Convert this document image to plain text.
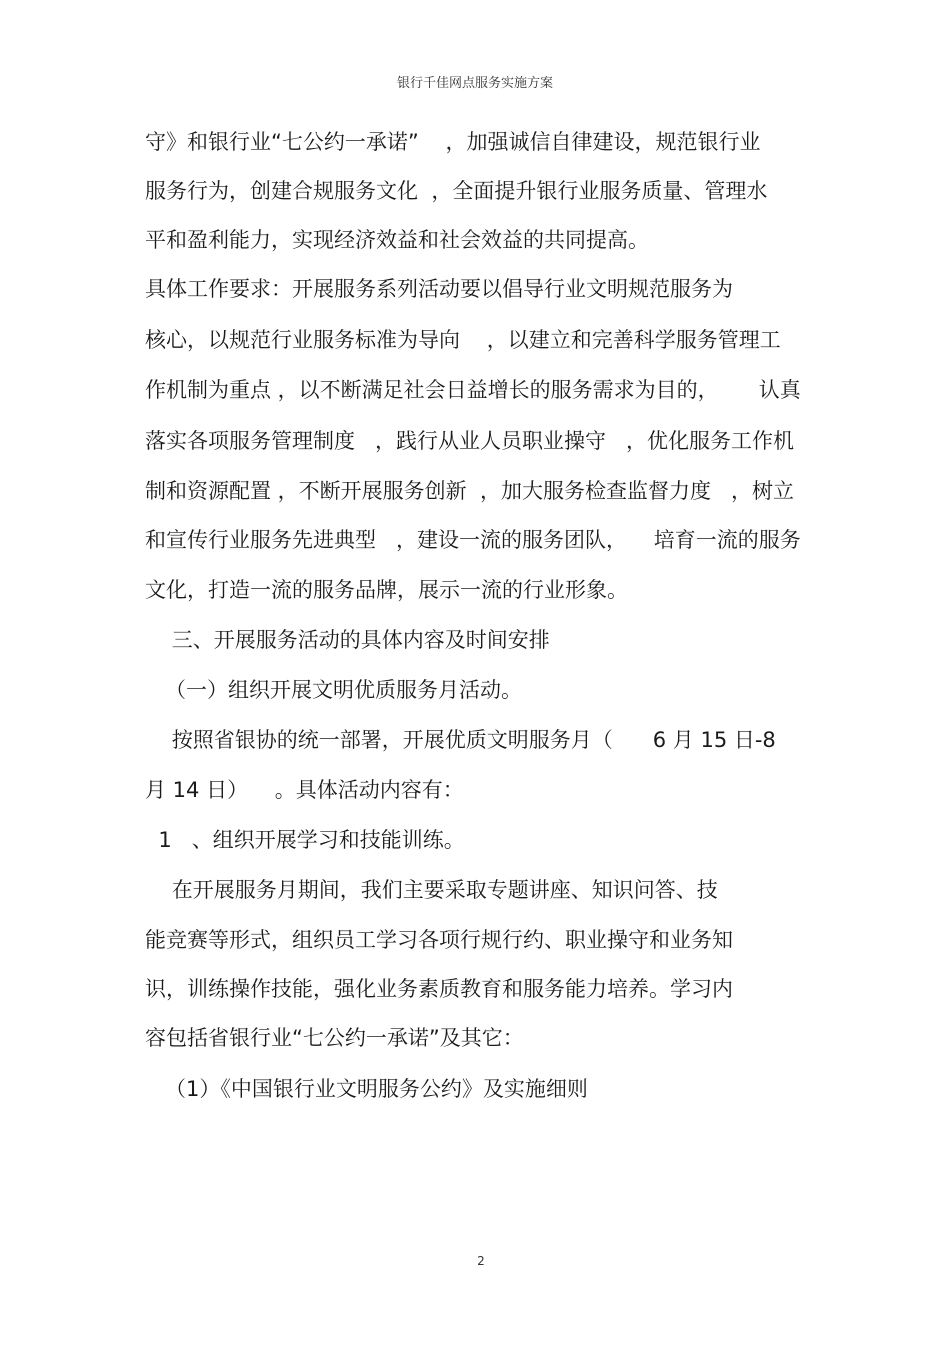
银行千佳网点服务实施方案
守》和银行业“七公约一承诺”    ，加强诚信自律建设，规范银行业
服务行为，创建合规服务文化  ，全面提升银行业服务质量、管理水
平和盈利能力，实现经济效益和社会效益的共同提高。
具体工作要求：开展服务系列活动要以倡导行业文明规范服务为
核心，以规范行业服务标准为导向    ，以建立和完善科学服务管理工
作机制为重点 ，以不断满足社会日益增长的服务需求为目的，      认真
落实各项服务管理制度   ，践行从业人员职业操守   ，优化服务工作机
制和资源配置 ，不断开展服务创新  ，加大服务检查监督力度   ，树立
和宣传行业服务先进典型   ，建设一流的服务团队，    培育一流的服务
文化，打造一流的服务品牌，展示一流的行业形象。
三、开展服务活动的具体内容及时间安排
（一）组织开展文明优质服务月活动。
按照省银协的统一部署，开展优质文明服务月（      6 月 15 日-8
月 14 日）    。具体活动内容有：
1   、组织开展学习和技能训练。
在开展服务月期间，我们主要采取专题讲座、知识问答、技
能竞赛等形式，组织员工学习各项行规行约、职业操守和业务知
识，训练操作技能，强化业务素质教育和服务能力培养。学习内
容包括省银行业“七公约一承诺”及其它：
（1）《中国银行业文明服务公约》及实施细则
2
